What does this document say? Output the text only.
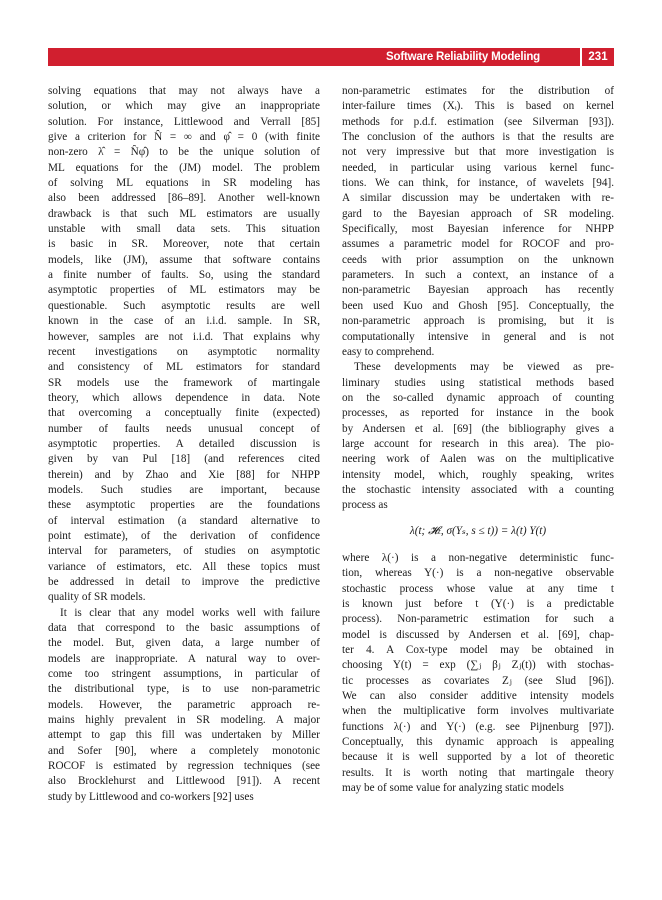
Software Reliability Modeling	231
solving equations that may not always have a
solution, or which may give an inappropriate
solution. For instance, Littlewood and Verrall [85]
give a criterion for N̂ = ∞ and φ̂ = 0 (with finite
non-zero λ̂ = N̂φ̂) to be the unique solution of
ML equations for the (JM) model. The problem
of solving ML equations in SR modeling has
also been addressed [86–89]. Another well-known
drawback is that such ML estimators are usually
unstable with small data sets. This situation
is basic in SR. Moreover, note that certain
models, like (JM), assume that software contains
a finite number of faults. So, using the standard
asymptotic properties of ML estimators may be
questionable. Such asymptotic results are well
known in the case of an i.i.d. sample. In SR,
however, samples are not i.i.d. That explains why
recent investigations on asymptotic normality
and consistency of ML estimators for standard
SR models use the framework of martingale
theory, which allows dependence in data. Note
that overcoming a conceptually finite (expected)
number of faults needs unusual concept of
asymptotic properties. A detailed discussion is
given by van Pul [18] (and references cited
therein) and by Zhao and Xie [88] for NHPP
models. Such studies are important, because
these asymptotic properties are the foundations
of interval estimation (a standard alternative to
point estimate), of the derivation of confidence
interval for parameters, of studies on asymptotic
variance of estimators, etc. All these topics must
be addressed in detail to improve the predictive
quality of SR models.
It is clear that any model works well with failure
data that correspond to the basic assumptions of
the model. But, given data, a large number of
models are inappropriate. A natural way to over-
come too stringent assumptions, in particular of
the distributional type, is to use non-parametric
models. However, the parametric approach re-
mains highly prevalent in SR modeling. A major
attempt to gap this fill was undertaken by Miller
and Sofer [90], where a completely monotonic
ROCOF is estimated by regression techniques (see
also Brocklehurst and Littlewood [91]). A recent
study by Littlewood and co-workers [92] uses
non-parametric estimates for the distribution of
inter-failure times (Xᵢ). This is based on kernel
methods for p.d.f. estimation (see Silverman [93]).
The conclusion of the authors is that the results are
not very impressive but that more investigation is
needed, in particular using various kernel func-
tions. We can think, for instance, of wavelets [94].
A similar discussion may be undertaken with re-
gard to the Bayesian approach of SR modeling.
Specifically, most Bayesian inference for NHPP
assumes a parametric model for ROCOF and pro-
ceeds with prior assumption on the unknown
parameters. In such a context, an instance of a
non-parametric Bayesian approach has recently
been used Kuo and Ghosh [95]. Conceptually, the
non-parametric approach is promising, but it is
computationally intensive in general and is not
easy to comprehend.
These developments may be viewed as pre-
liminary studies using statistical methods based
on the so-called dynamic approach of counting
processes, as reported for instance in the book
by Andersen et al. [69] (the bibliography gives a
large account for research in this area). The pio-
neering work of Aalen was on the multiplicative
intensity model, which, roughly speaking, writes
the stochastic intensity associated with a counting
process as
λ(t; 𝓗ₜ, σ(Yₛ, s ≤ t)) = λ(t) Y(t)
where λ(·) is a non-negative deterministic func-
tion, whereas Y(·) is a non-negative observable
stochastic process whose value at any time t
is known just before t (Y(·) is a predictable
process). Non-parametric estimation for such a
model is discussed by Andersen et al. [69], chap-
ter 4. A Cox-type model may be obtained in
choosing Y(t) = exp (∑ⱼ βⱼ Zⱼ(t)) with stochas-
tic processes as covariates Zⱼ (see Slud [96]).
We can also consider additive intensity models
when the multiplicative form involves multivariate
functions λ(·) and Y(·) (e.g. see Pijnenburg [97]).
Conceptually, this dynamic approach is appealing
because it is well supported by a lot of theoretic
results. It is worth noting that martingale theory
may be of some value for analyzing static models
